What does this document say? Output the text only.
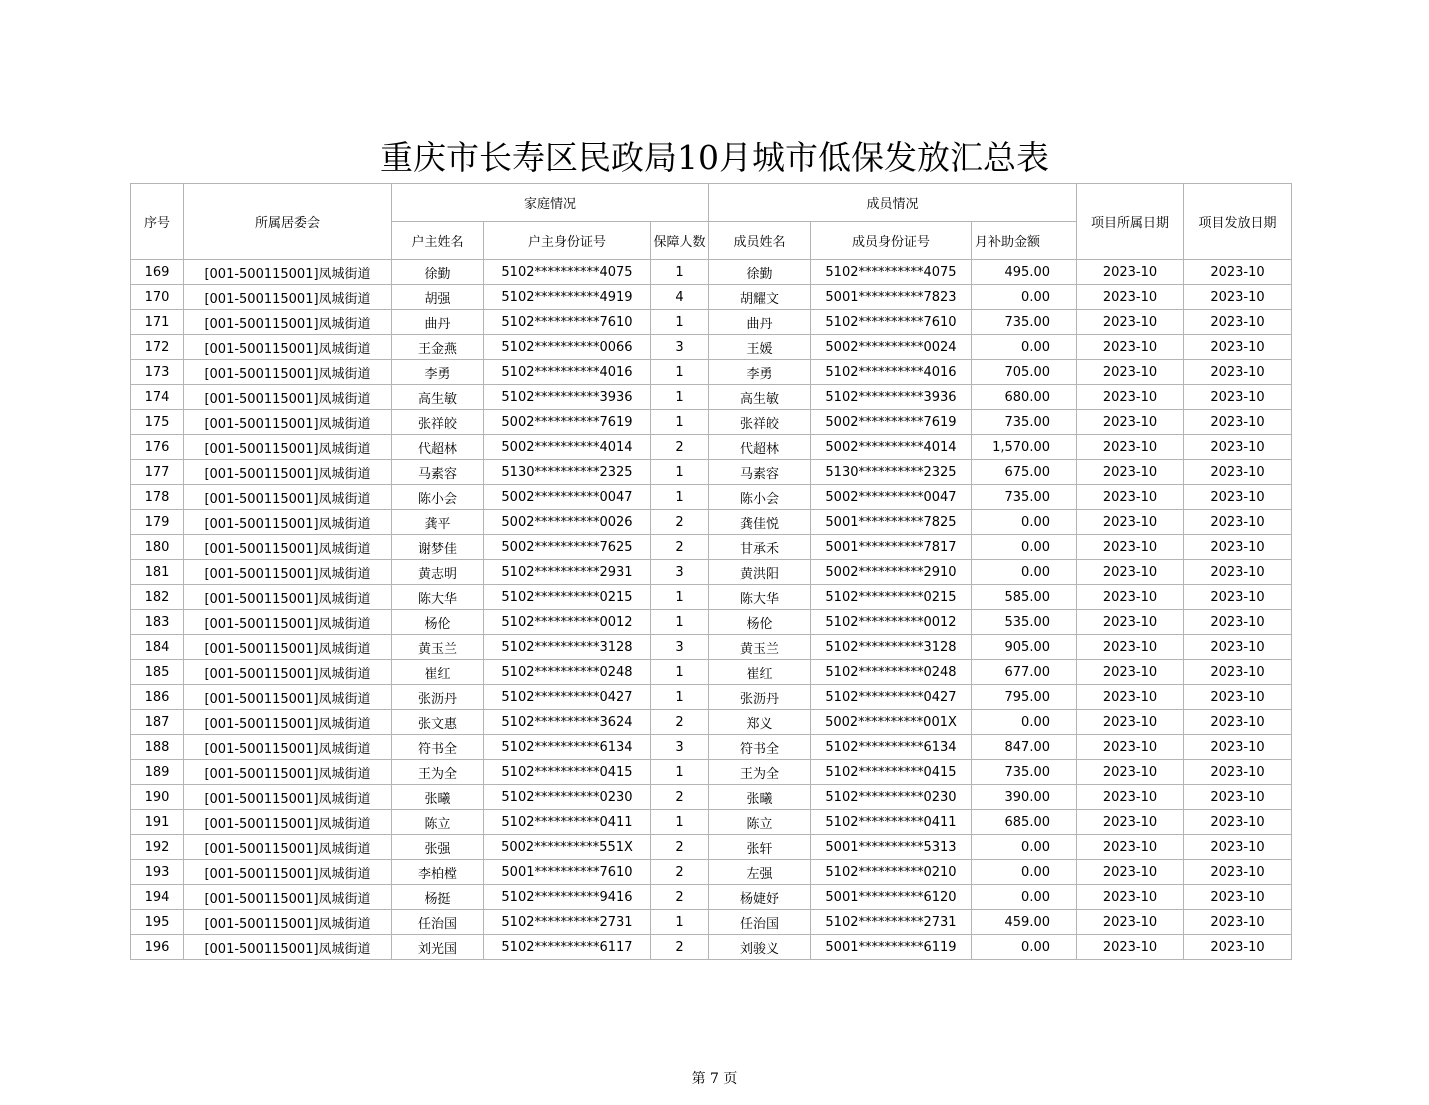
重庆市长寿区民政局10月城市低保发放汇总表
序号	所属居委会	家庭情况			成员情况			项目所属日期	项目发放日期
		户主姓名	户主身份证号	保障人数	成员姓名	成员身份证号	月补助金额		
169	[001-500115001]凤城街道	徐勤	5102**********4075	1	徐勤	5102**********4075	495.00	2023-10	2023-10
170	[001-500115001]凤城街道	胡强	5102**********4919	4	胡耀文	5001**********7823	0.00	2023-10	2023-10
171	[001-500115001]凤城街道	曲丹	5102**********7610	1	曲丹	5102**********7610	735.00	2023-10	2023-10
172	[001-500115001]凤城街道	王金燕	5102**********0066	3	王媛	5002**********0024	0.00	2023-10	2023-10
173	[001-500115001]凤城街道	李勇	5102**********4016	1	李勇	5102**********4016	705.00	2023-10	2023-10
174	[001-500115001]凤城街道	高生敏	5102**********3936	1	高生敏	5102**********3936	680.00	2023-10	2023-10
175	[001-500115001]凤城街道	张祥皎	5002**********7619	1	张祥皎	5002**********7619	735.00	2023-10	2023-10
176	[001-500115001]凤城街道	代超林	5002**********4014	2	代超林	5002**********4014	1,570.00	2023-10	2023-10
177	[001-500115001]凤城街道	马素容	5130**********2325	1	马素容	5130**********2325	675.00	2023-10	2023-10
178	[001-500115001]凤城街道	陈小会	5002**********0047	1	陈小会	5002**********0047	735.00	2023-10	2023-10
179	[001-500115001]凤城街道	龚平	5002**********0026	2	龚佳悦	5001**********7825	0.00	2023-10	2023-10
180	[001-500115001]凤城街道	谢梦佳	5002**********7625	2	甘承禾	5001**********7817	0.00	2023-10	2023-10
181	[001-500115001]凤城街道	黄志明	5102**********2931	3	黄洪阳	5002**********2910	0.00	2023-10	2023-10
182	[001-500115001]凤城街道	陈大华	5102**********0215	1	陈大华	5102**********0215	585.00	2023-10	2023-10
183	[001-500115001]凤城街道	杨伦	5102**********0012	1	杨伦	5102**********0012	535.00	2023-10	2023-10
184	[001-500115001]凤城街道	黄玉兰	5102**********3128	3	黄玉兰	5102**********3128	905.00	2023-10	2023-10
185	[001-500115001]凤城街道	崔红	5102**********0248	1	崔红	5102**********0248	677.00	2023-10	2023-10
186	[001-500115001]凤城街道	张沥丹	5102**********0427	1	张沥丹	5102**********0427	795.00	2023-10	2023-10
187	[001-500115001]凤城街道	张文惠	5102**********3624	2	郑义	5002**********001X	0.00	2023-10	2023-10
188	[001-500115001]凤城街道	符书全	5102**********6134	3	符书全	5102**********6134	847.00	2023-10	2023-10
189	[001-500115001]凤城街道	王为全	5102**********0415	1	王为全	5102**********0415	735.00	2023-10	2023-10
190	[001-500115001]凤城街道	张曦	5102**********0230	2	张曦	5102**********0230	390.00	2023-10	2023-10
191	[001-500115001]凤城街道	陈立	5102**********0411	1	陈立	5102**********0411	685.00	2023-10	2023-10
192	[001-500115001]凤城街道	张强	5002**********551X	2	张轩	5001**********5313	0.00	2023-10	2023-10
193	[001-500115001]凤城街道	李柏樘	5001**********7610	2	左强	5102**********0210	0.00	2023-10	2023-10
194	[001-500115001]凤城街道	杨挺	5102**********9416	2	杨婕妤	5001**********6120	0.00	2023-10	2023-10
195	[001-500115001]凤城街道	任治国	5102**********2731	1	任治国	5102**********2731	459.00	2023-10	2023-10
196	[001-500115001]凤城街道	刘光国	5102**********6117	2	刘骏义	5001**********6119	0.00	2023-10	2023-10
第 7 页
